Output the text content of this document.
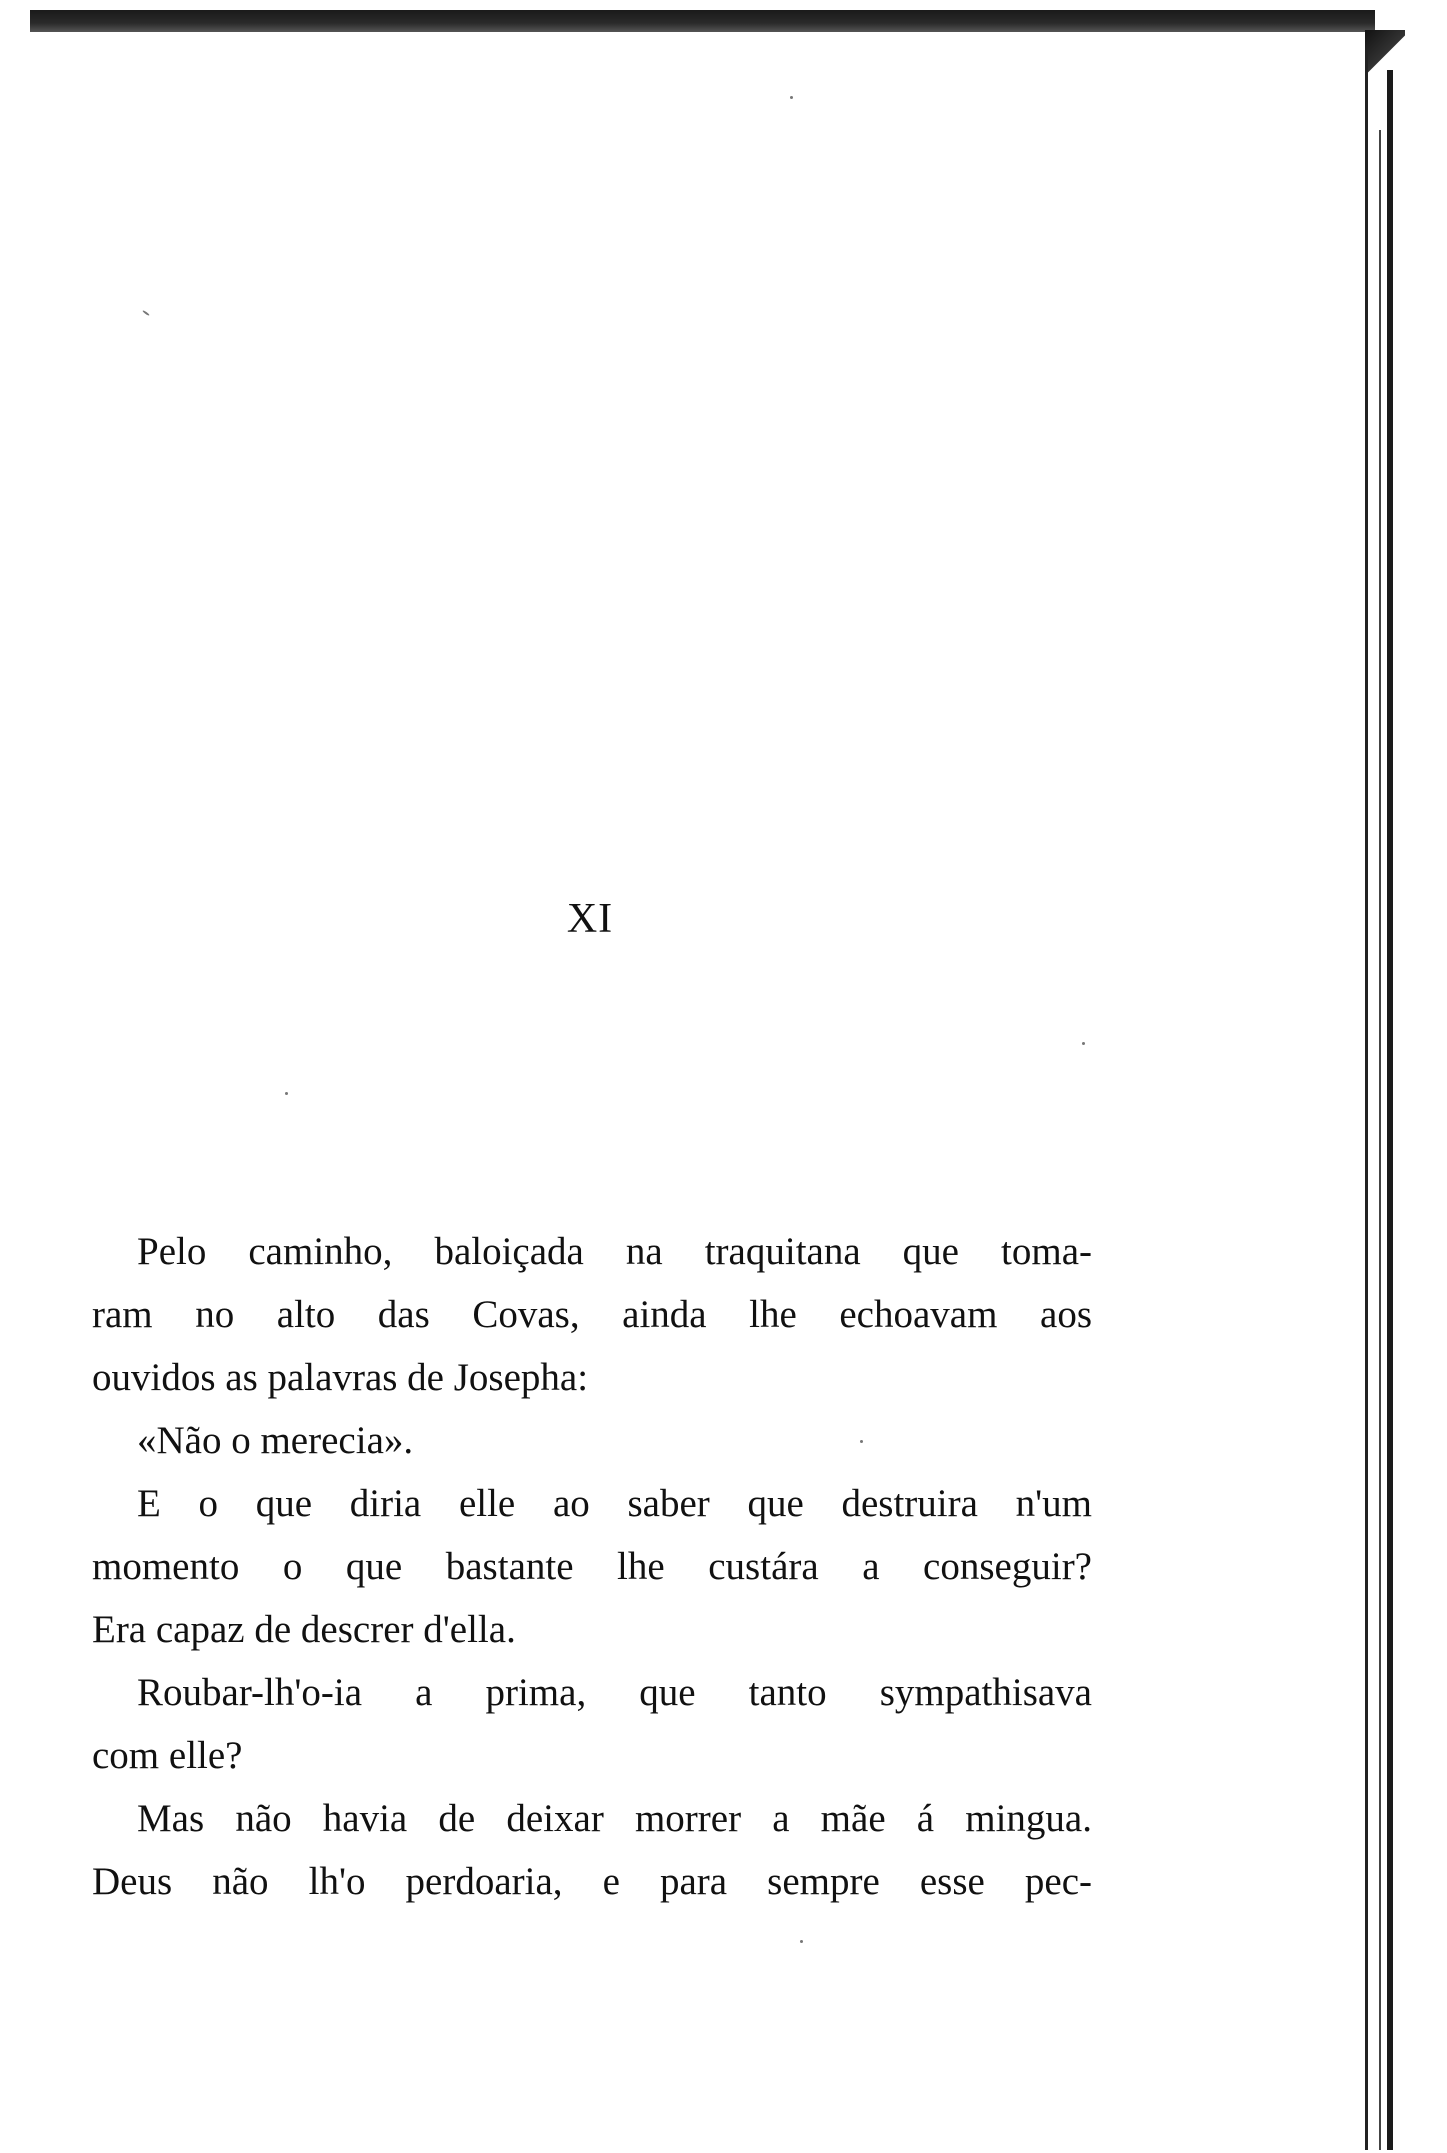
XI
Pelo caminho, baloiçada na traquitana que toma-
ram no alto das Covas, ainda lhe echoavam aos
ouvidos as palavras de Josepha:
«Não o merecia».
E o que diria elle ao saber que destruira n'um
momento o que bastante lhe custára a conseguir?
Era capaz de descrer d'ella.
Roubar-lh'o-ia a prima, que tanto sympathisava
com elle?
Mas não havia de deixar morrer a mãe á mingua.
Deus não lh'o perdoaria, e para sempre esse pec-
